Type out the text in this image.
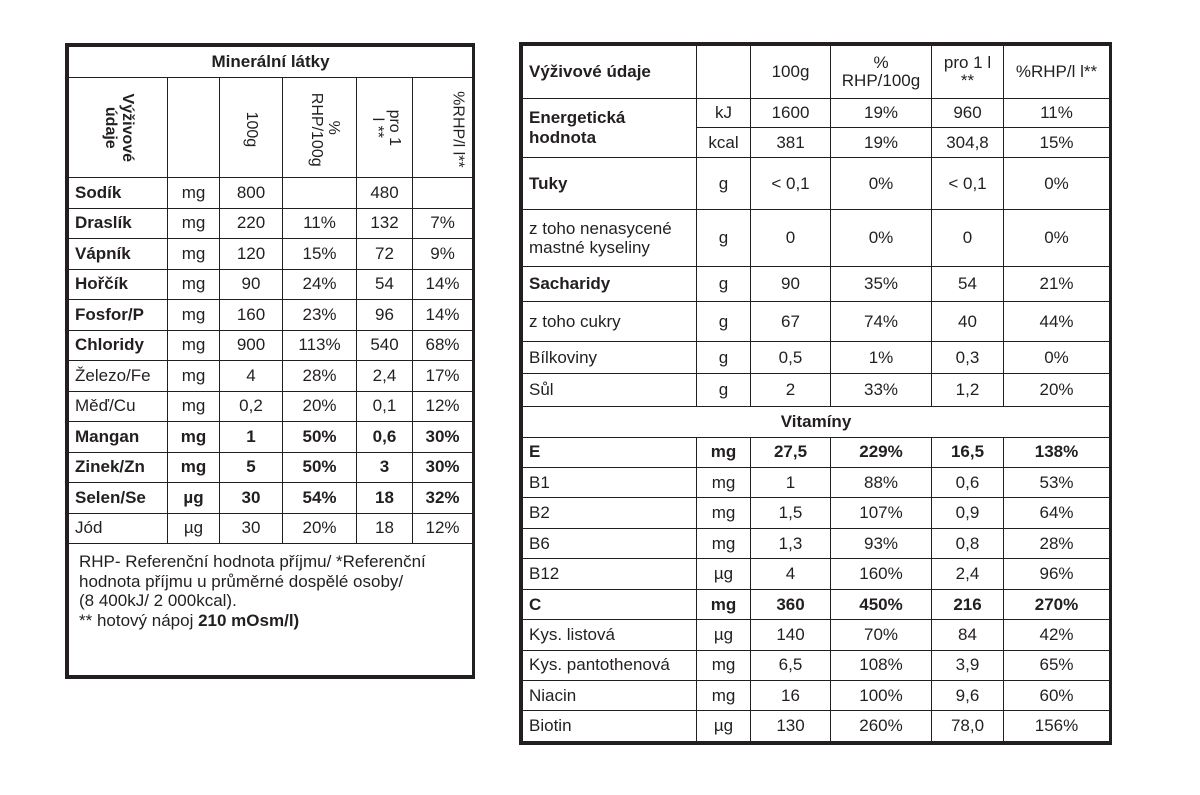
Minerální látky					
Výživové údaje		100g	% RHP/100g	pro 1 l **	%RHP/l l**
Sodík	mg	800		480	
Draslík	mg	220	11%	132	7%
Vápník	mg	120	15%	72	9%
Hořčík	mg	90	24%	54	14%
Fosfor/P	mg	160	23%	96	14%
Chloridy	mg	900	113%	540	68%
Železo/Fe	mg	4	28%	2,4	17%
Měď/Cu	mg	0,2	20%	0,1	12%
Mangan	mg	1	50%	0,6	30%
Zinek/Zn	mg	5	50%	3	30%
Selen/Se	µg	30	54%	18	32%
Jód	µg	30	20%	18	12%

RHP- Referenční hodnota příjmu/ *Referenční
hodnota příjmu u průměrné dospělé osoby/
(8 400kJ/ 2 000kcal).
** hotový nápoj 210 mOsm/l)					
Výživové údaje		100g	% RHP/100g	pro 1 l **	%RHP/l l**
Energetická hodnota	kJ	1600	19%	960	11%
	kcal	381	19%	304,8	15%
Tuky	g	< 0,1	0%	< 0,1	0%
z toho nenasycené mastné kyseliny	g	0	0%	0	0%
Sacharidy	g	90	35%	54	21%
z toho cukry	g	67	74%	40	44%
Bílkoviny	g	0,5	1%	0,3	0%
Sůl	g	2	33%	1,2	20%
Vitamíny					
E	mg	27,5	229%	16,5	138%
B1	mg	1	88%	0,6	53%
B2	mg	1,5	107%	0,9	64%
B6	mg	1,3	93%	0,8	28%
B12	µg	4	160%	2,4	96%
C	mg	360	450%	216	270%
Kys. listová	µg	140	70%	84	42%
Kys. pantothenová	mg	6,5	108%	3,9	65%
Niacin	mg	16	100%	9,6	60%
Biotin	µg	130	260%	78,0	156%
